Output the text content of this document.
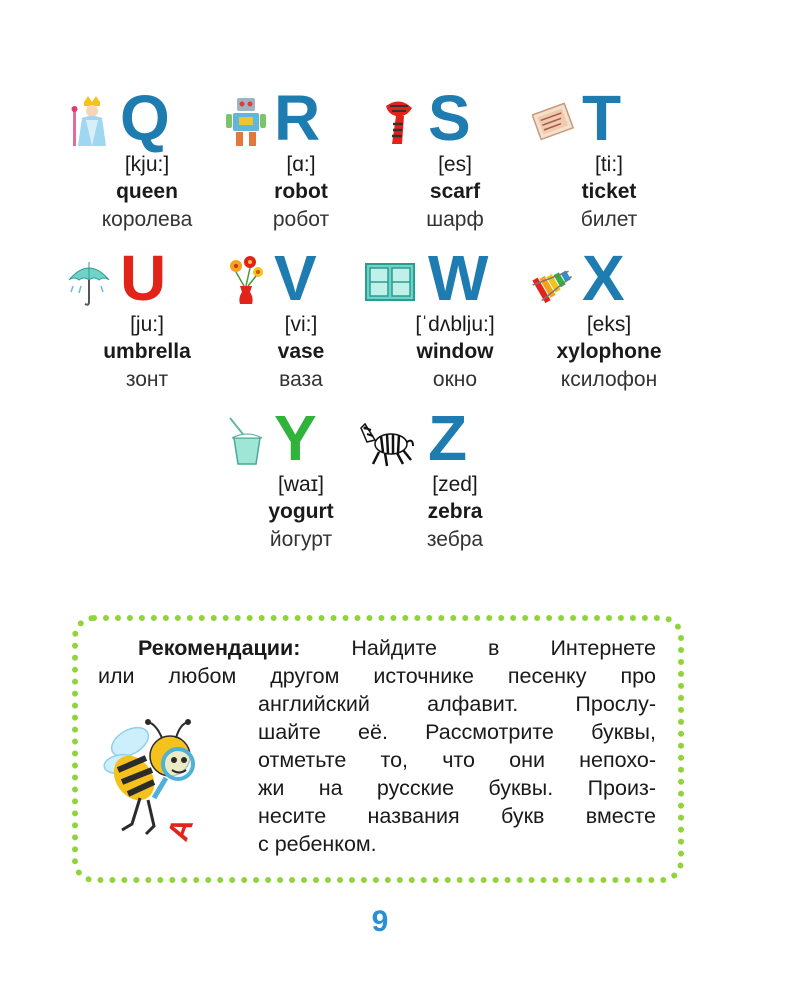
Q
[kju:]
queen
королева
R
[ɑ:]
robot
робот
S
[es]
scarf
шарф
T
[ti:]
ticket
билет
U
[ju:]
umbrella
зонт
V
[vi:]
vase
ваза
W
[ˈdʌblju:]
window
окно
X
[eks]
xylophone
ксилофон
Y
[waɪ]
yogurt
йогурт
Z
[zed]
zebra
зебра
Рекомендации: Найдите в Интернете
или любом другом источнике песенку про
английский алфавит. Прослу-
шайте её. Рассмотрите буквы,
отметьте то, что они непохо-
жи на русские буквы. Произ-
несите названия букв вместе
с ребенком.
А
9
